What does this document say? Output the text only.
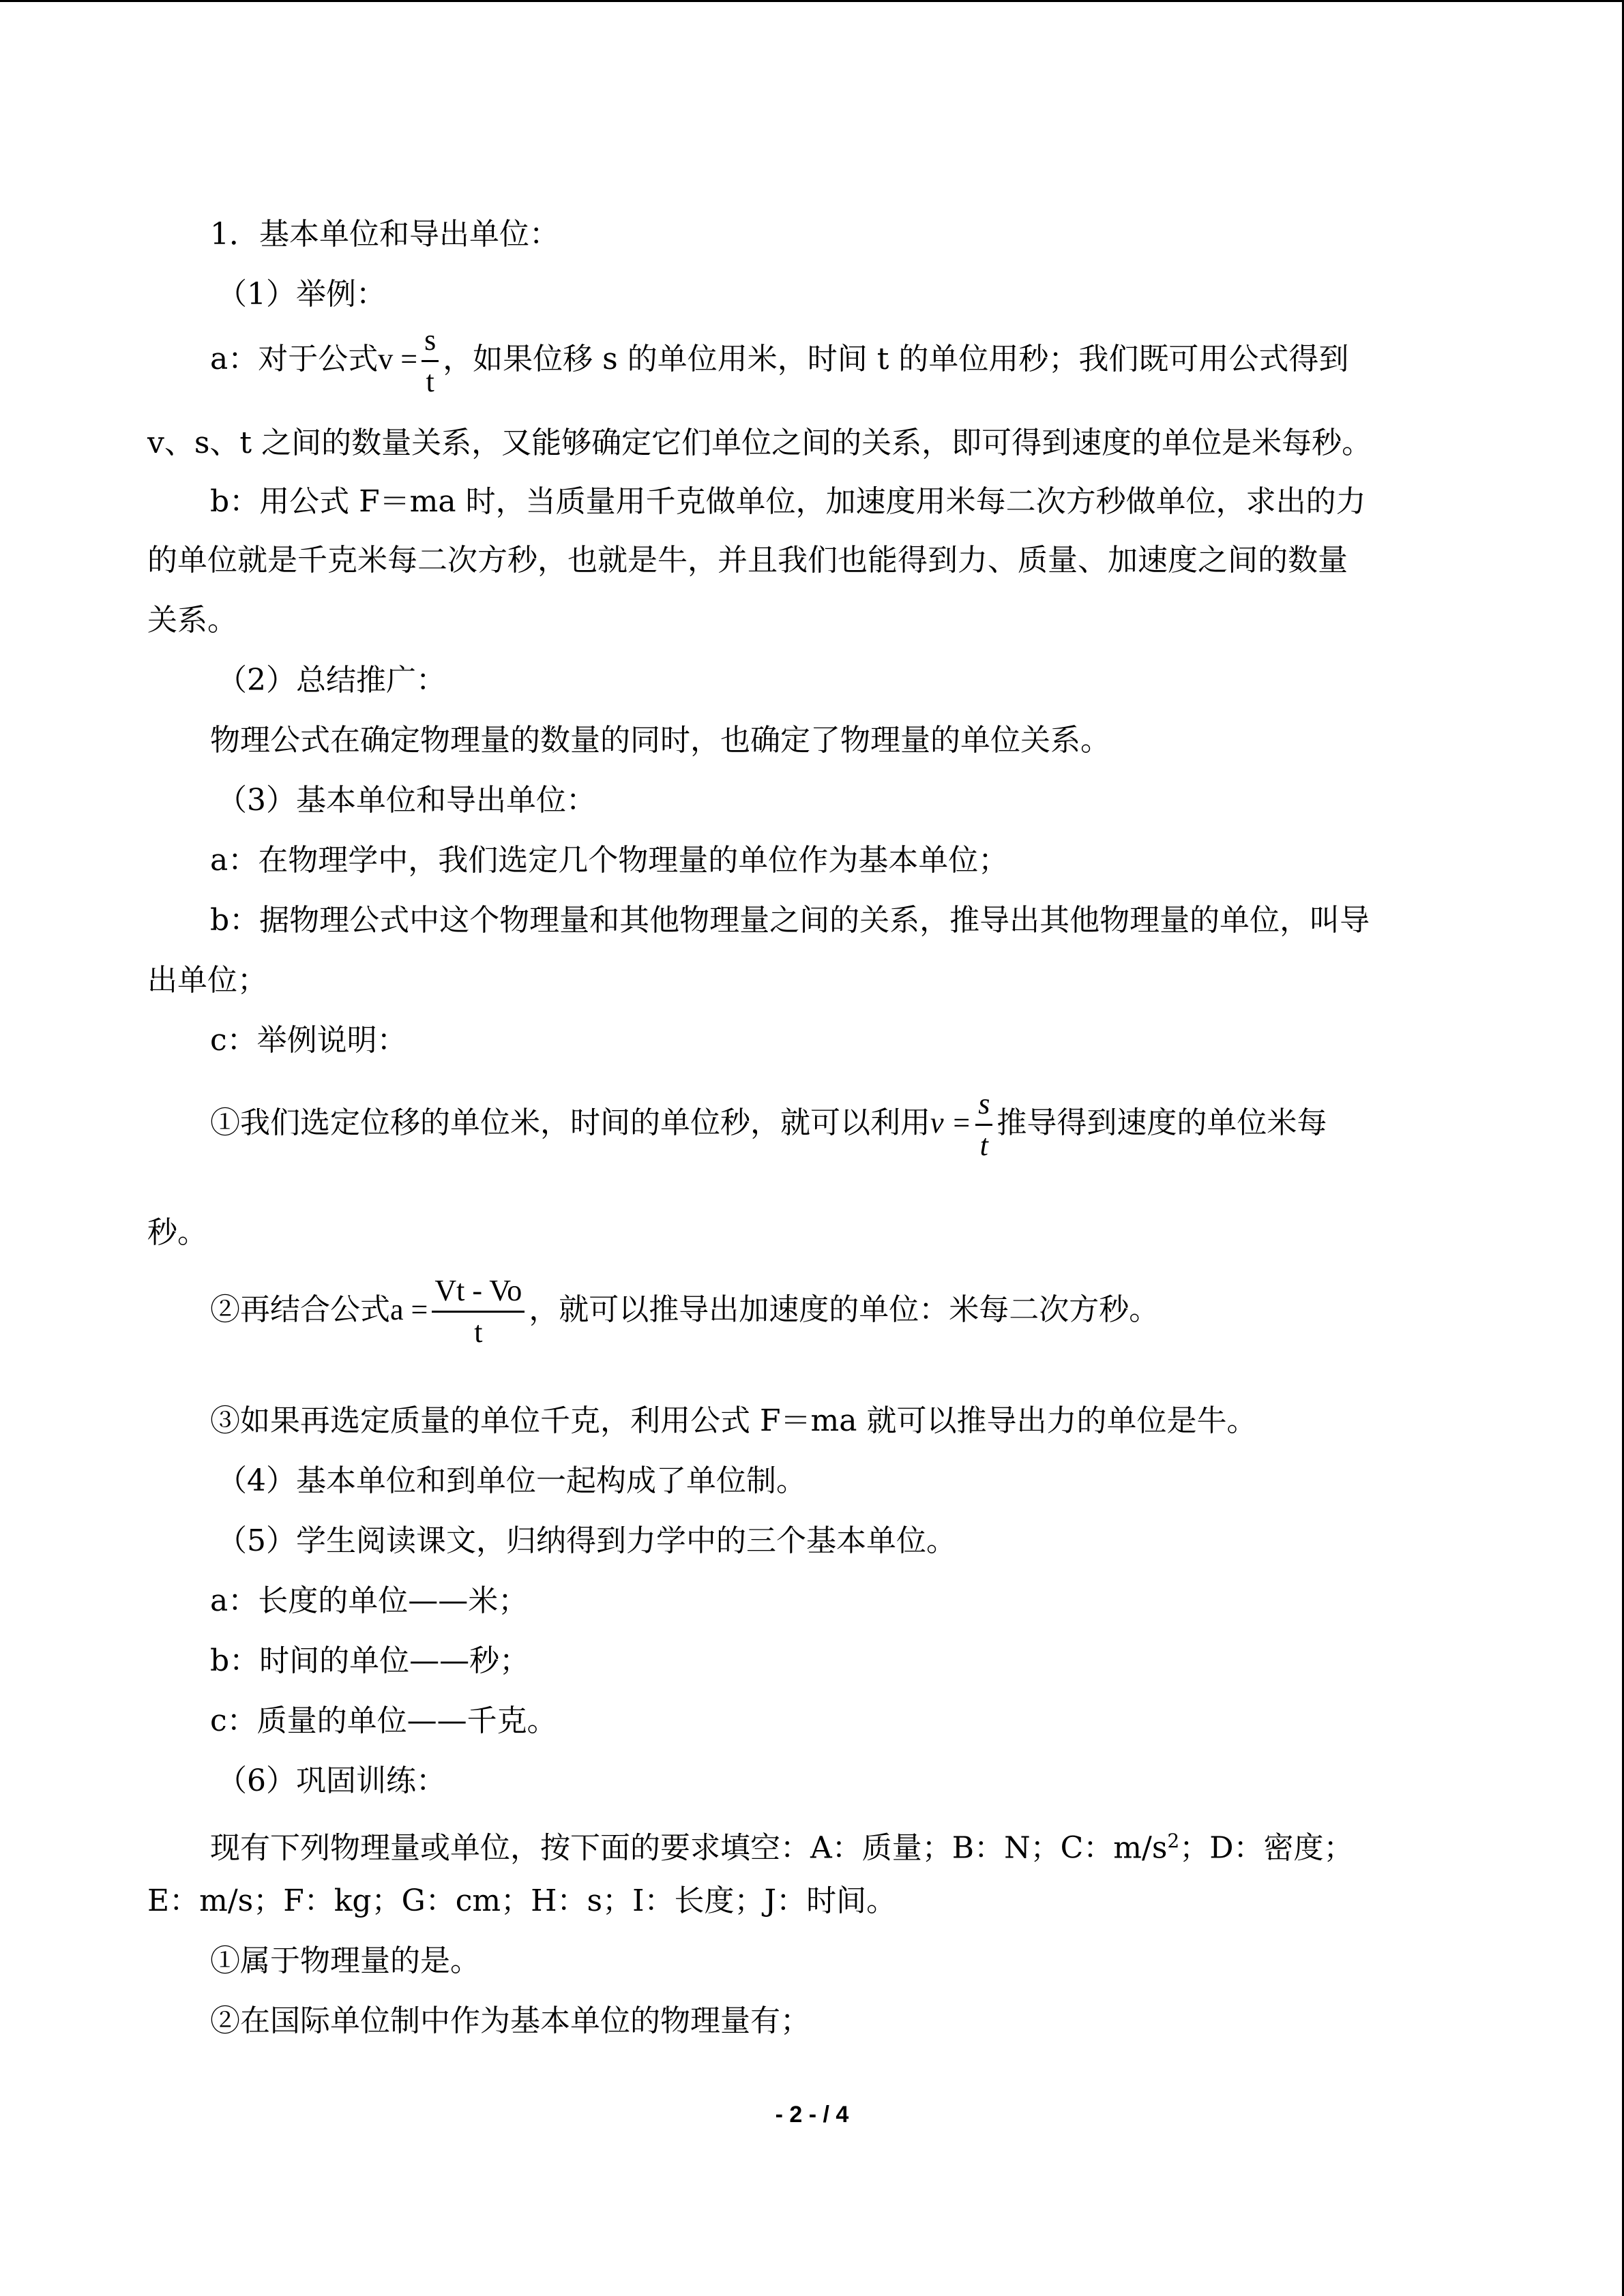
1．基本单位和导出单位：
（1）举例：
a：对于公式$v = \frac{s}{t}$ ，如果位移 s 的单位用米，时间 t 的单位用秒；我们既可用公式得到
v、s、t 之间的数量关系，又能够确定它们单位之间的关系，即可得到速度的单位是米每秒。
b：用公式 F＝ma 时，当质量用千克做单位，加速度用米每二次方秒做单位，求出的力
的单位就是千克米每二次方秒，也就是牛，并且我们也能得到力、质量、加速度之间的数量
关系。
（2）总结推广：
物理公式在确定物理量的数量的同时，也确定了物理量的单位关系。
（3）基本单位和导出单位：
a：在物理学中，我们选定几个物理量的单位作为基本单位；
b：据物理公式中这个物理量和其他物理量之间的关系，推导出其他物理量的单位，叫导
出单位；
c：举例说明：
①我们选定位移的单位米，时间的单位秒，就可以利用$v = \frac{s}{t}$ 推导得到速度的单位米每
秒。
②再结合公式$a = \frac{Vt - Vo}{t}$ ，就可以推导出加速度的单位：米每二次方秒。
③如果再选定质量的单位千克，利用公式 F＝ma 就可以推导出力的单位是牛。
（4）基本单位和到单位一起构成了单位制。
（5）学生阅读课文，归纳得到力学中的三个基本单位。
a：长度的单位——米；
b：时间的单位——秒；
c：质量的单位——千克。
（6）巩固训练：
现有下列物理量或单位，按下面的要求填空：A：质量；B：N；C：$m/s^2$；D：密度；
E：m/s；F：kg；G：cm；H：s；I：长度；J：时间。
①属于物理量的是。
②在国际单位制中作为基本单位的物理量有；
- 2 - / 4
